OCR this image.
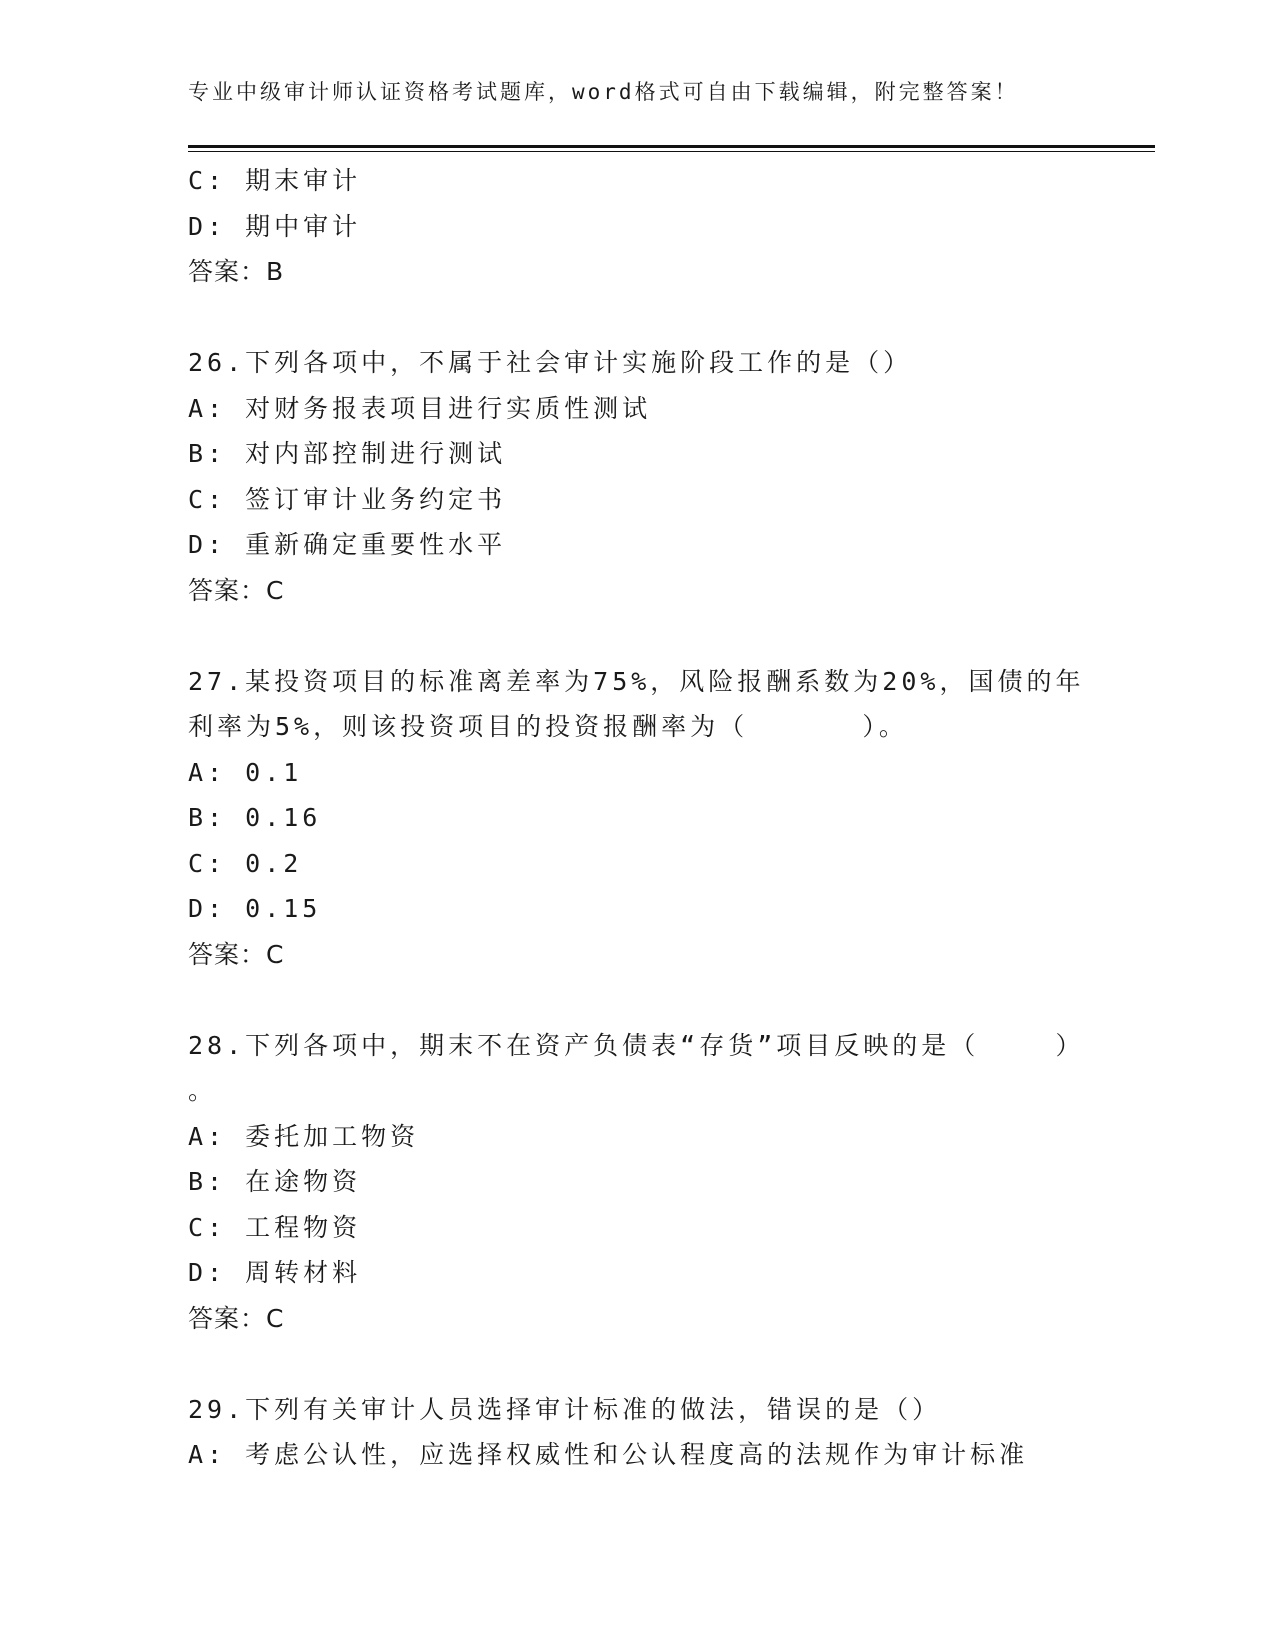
专业中级审计师认证资格考试题库，word格式可自由下载编辑，附完整答案！
C: 期末审计
D: 期中审计
答案：B
26.下列各项中，不属于社会审计实施阶段工作的是（）
A: 对财务报表项目进行实质性测试
B: 对内部控制进行测试
C: 签订审计业务约定书
D: 重新确定重要性水平
答案：C
27.某投资项目的标准离差率为75%，风险报酬系数为20%，国债的年
利率为5%，则该投资项目的投资报酬率为（      ）。
A: 0.1
B: 0.16
C: 0.2
D: 0.15
答案：C
28.下列各项中，期末不在资产负债表“存货”项目反映的是（    ）
。
A: 委托加工物资
B: 在途物资
C: 工程物资
D: 周转材料
答案：C
29.下列有关审计人员选择审计标准的做法，错误的是（）
A: 考虑公认性，应选择权威性和公认程度高的法规作为审计标准
